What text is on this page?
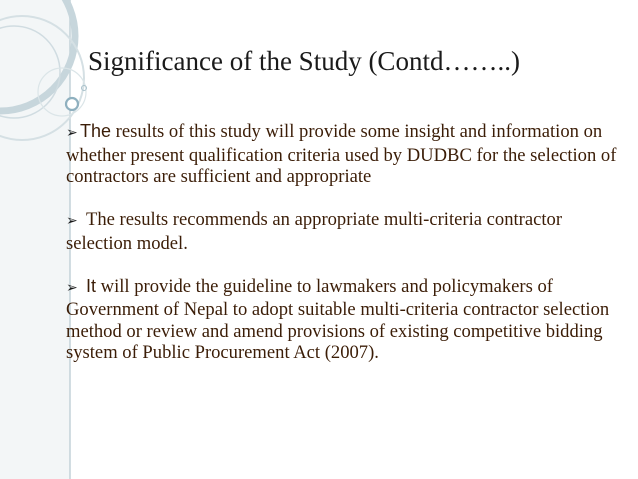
Significance of the Study (Contd……..)

➢ The results of this study will provide some insight and information on whether present qualification criteria used by DUDBC for the selection of contractors are sufficient and appropriate

➢ The results recommends an appropriate multi-criteria contractor selection model.

➢ It will provide the guideline to lawmakers and policymakers of Government of Nepal to adopt suitable multi-criteria contractor selection method or review and amend provisions of existing competitive bidding system of Public Procurement Act (2007).
